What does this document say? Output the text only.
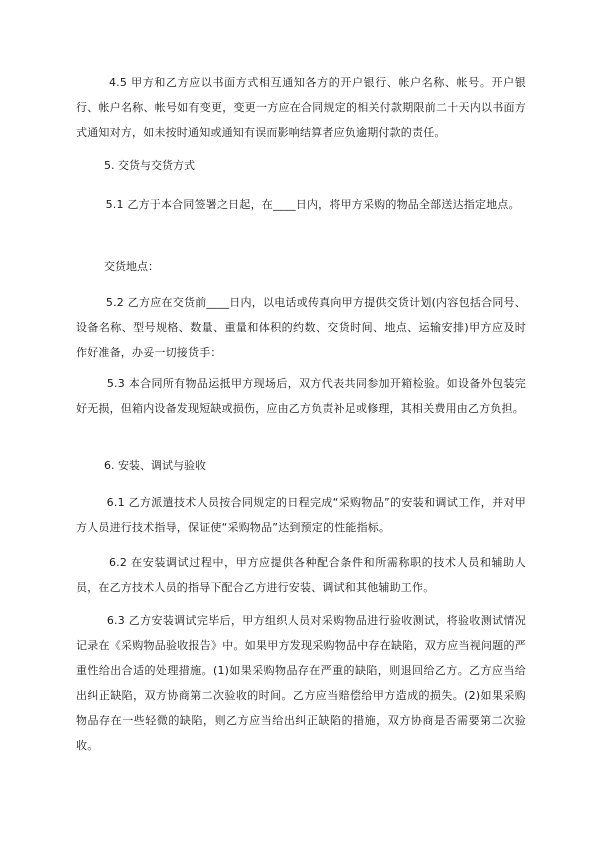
4.5 甲方和乙方应以书面方式相互通知各方的开户银行、帐户名称、帐号。开户银行、帐户名称、帐号如有变更，变更一方应在合同规定的相关付款期限前二十天内以书面方式通知对方，如未按时通知或通知有误而影响结算者应负逾期付款的责任。

5. 交货与交货方式

5.1 乙方于本合同签署之日起，在____日内，将甲方采购的物品全部送达指定地点。

交货地点：

5.2 乙方应在交货前____日内，以电话或传真向甲方提供交货计划(内容包括合同号、设备名称、型号规格、数量、重量和体积的约数、交货时间、地点、运输安排)甲方应及时作好准备，办妥一切接货手：

5.3 本合同所有物品运抵甲方现场后，双方代表共同参加开箱检验。如设备外包装完好无损，但箱内设备发现短缺或损伤，应由乙方负责补足或修理，其相关费用由乙方负担。

6. 安装、调试与验收

6.1 乙方派遣技术人员按合同规定的日程完成“采购物品”的安装和调试工作，并对甲方人员进行技术指导，保证使“采购物品”达到预定的性能指标。

6.2 在安装调试过程中，甲方应提供各种配合条件和所需称职的技术人员和辅助人员，在乙方技术人员的指导下配合乙方进行安装、调试和其他辅助工作。

6.3 乙方安装调试完毕后，甲方组织人员对采购物品进行验收测试，将验收测试情况记录在《采购物品验收报告》中。如果甲方发现采购物品中存在缺陷，双方应当视问题的严重性给出合适的处理措施。(1)如果采购物品存在严重的缺陷，则退回给乙方。乙方应当给出纠正缺陷，双方协商第二次验收的时间。乙方应当赔偿给甲方造成的损失。(2)如果采购物品存在一些轻微的缺陷，则乙方应当给出纠正缺陷的措施，双方协商是否需要第二次验收。
